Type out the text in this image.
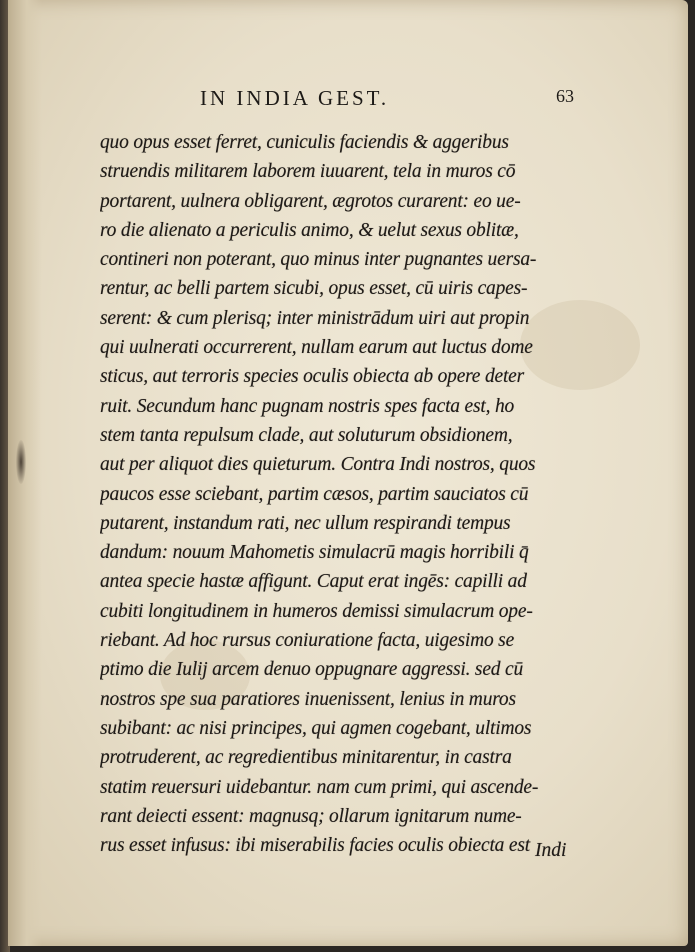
IN INDIA GEST.	63
quo opus esset ferret, cuniculis faciendis & aggeribus
struendis militarem laborem iuuarent, tela in muros cō
portarent, uulnera obligarent, ægrotos curarent: eo ue-
ro die alienato a periculis animo, & uelut sexus oblitæ,
contineri non poterant, quo minus inter pugnantes uersa-
rentur, ac belli partem sicubi, opus esset, cū uiris capes-
serent: & cum plerisq; inter ministrādum uiri aut propin
qui uulnerati occurrerent, nullam earum aut luctus dome
sticus, aut terroris species oculis obiecta ab opere deter
ruit. Secundum hanc pugnam nostris spes facta est, ho
stem tanta repulsum clade, aut soluturum obsidionem,
aut per aliquot dies quieturum. Contra Indi nostros, quos
paucos esse sciebant, partim cæsos, partim sauciatos cū
putarent, instandum rati, nec ullum respirandi tempus
dandum: nouum Mahometis simulacrū magis horribili q̄
antea specie hastæ affigunt. Caput erat ingēs: capilli ad
cubiti longitudinem in humeros demissi simulacrum ope-
riebant. Ad hoc rursus coniuratione facta, uigesimo se
ptimo die Iulij arcem denuo oppugnare aggressi. sed cū
nostros spe sua paratiores inuenissent, lenius in muros
subibant: ac nisi principes, qui agmen cogebant, ultimos
protruderent, ac regredientibus minitarentur, in castra
statim reuersuri uidebantur. nam cum primi, qui ascende-
rant deiecti essent: magnusq; ollarum ignitarum nume-
rus esset infusus: ibi miserabilis facies oculis obiecta est Indi
